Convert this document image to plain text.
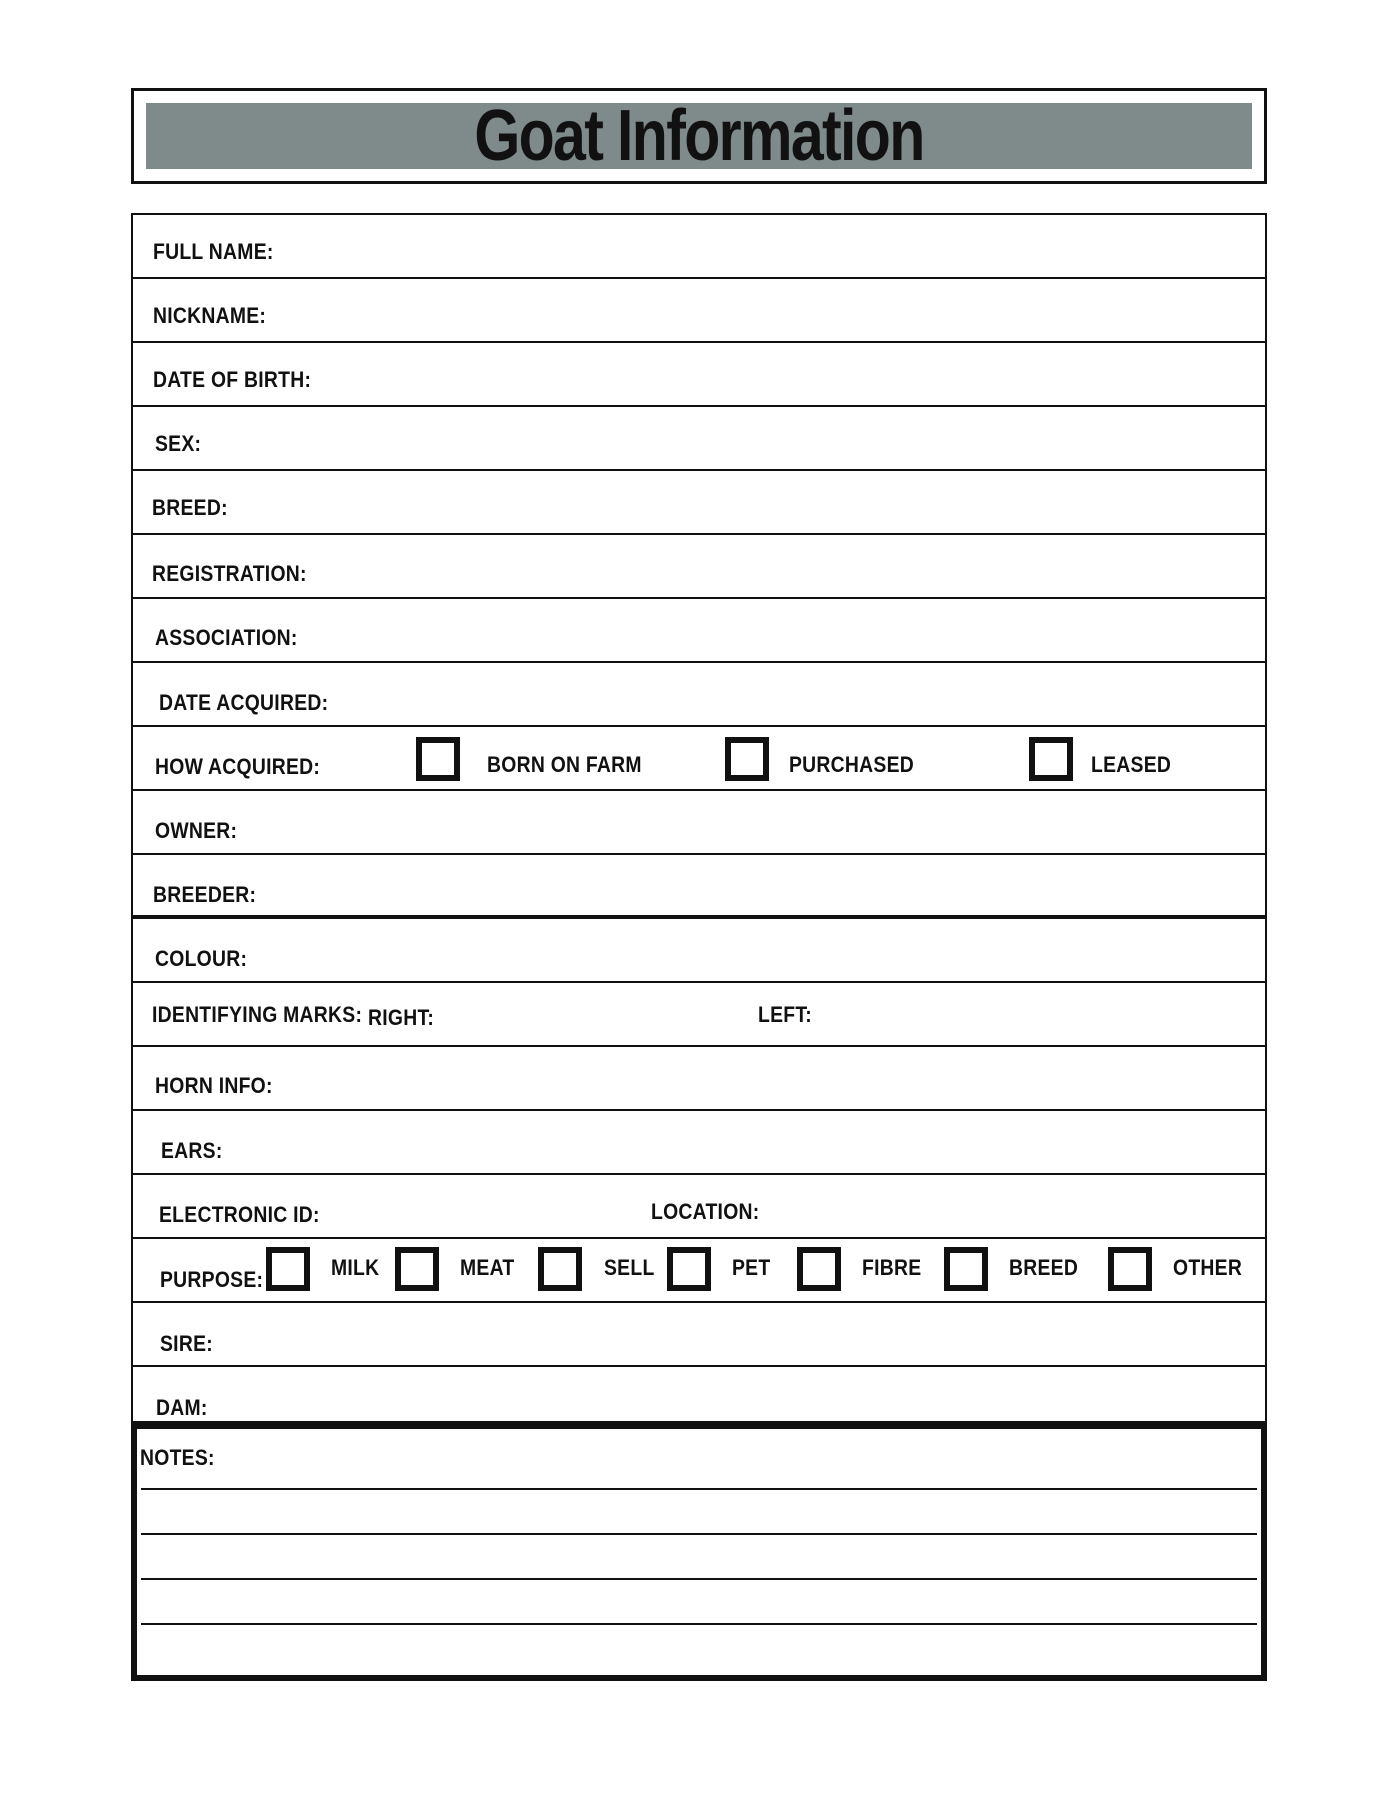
Goat Information
FULL NAME:
NICKNAME:
DATE OF BIRTH:
SEX:
BREED:
REGISTRATION:
ASSOCIATION:
DATE ACQUIRED:
HOW ACQUIRED:	BORN ON FARM	PURCHASED	LEASED
OWNER:
BREEDER:
COLOUR:
IDENTIFYING MARKS: RIGHT:	LEFT:
HORN INFO:
EARS:
ELECTRONIC ID:	LOCATION:
PURPOSE:	MILK	MEAT	SELL	PET	FIBRE	BREED	OTHER
SIRE:
DAM:
NOTES:
